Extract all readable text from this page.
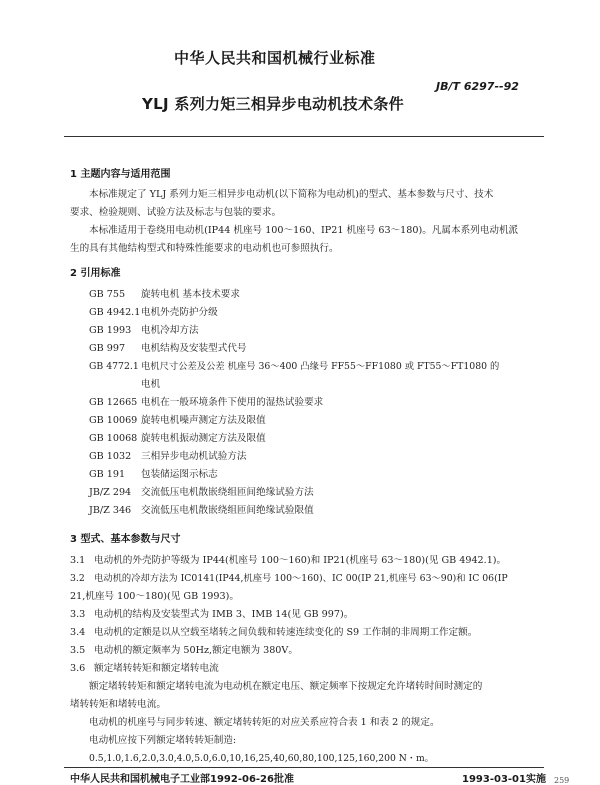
中华人民共和国机械行业标准
JB/T 6297--92
YLJ 系列力矩三相异步电动机技术条件
1 主题内容与适用范围
本标准规定了 YLJ 系列力矩三相异步电动机(以下简称为电动机)的型式、基本参数与尺寸、技术
要求、检验规则、试验方法及标志与包装的要求。
本标准适用于卷绕用电动机(IP44 机座号 100～160、IP21 机座号 63～180)。凡属本系列电动机派
生的具有其他结构型式和特殊性能要求的电动机也可参照执行。
2 引用标准
GB 755 旋转电机 基本技术要求
GB 4942.1电机外壳防护分级
GB 1993 电机冷却方法
GB 997 电机结构及安装型式代号
GB 4772.1 电机尺寸公差及公差 机座号 36～400 凸缘号 FF55～FF1080 或 FT55～FT1080 的
电机
GB 12665 电机在一般环境条件下使用的湿热试验要求
GB 10069 旋转电机噪声测定方法及限值
GB 10068 旋转电机振动测定方法及限值
GB 1032 三相异步电动机试验方法
GB 191 包装储运图示标志
JB/Z 294 交流低压电机散嵌绕组匝间绝缘试验方法
JB/Z 346 交流低压电机散嵌绕组匝间绝缘试验限值
3 型式、基本参数与尺寸
3.1 电动机的外壳防护等级为 IP44(机座号 100～160)和 IP21(机座号 63～180)(见 GB 4942.1)。
3.2 电动机的冷却方法为 IC0141(IP44,机座号 100～160)、IC 00(IP 21,机座号 63～90)和 IC 06(IP
21,机座号 100～180)(见 GB 1993)。
3.3 电动机的结构及安装型式为 IMB 3、IMB 14(见 GB 997)。
3.4 电动机的定额是以从空载至堵转之间负载和转速连续变化的 S9 工作制的非周期工作定额。
3.5 电动机的额定频率为 50Hz,额定电额为 380V。
3.6 额定堵转转矩和额定堵转电流
额定堵转转矩和额定堵转电流为电动机在额定电压、额定频率下按规定允许堵转时间时测定的
堵转转矩和堵转电流。
电动机的机座号与同步转速、额定堵转转矩的对应关系应符合表 1 和表 2 的规定。
电动机应按下列额定堵转转矩制造:
0.5,1.0,1.6,2.0,3.0,4.0,5.0,6.0,10,16,25,40,60,80,100,125,160,200 N・m。
中华人民共和国机械电子工业部1992-06-26批准	1993-03-01实施 259
